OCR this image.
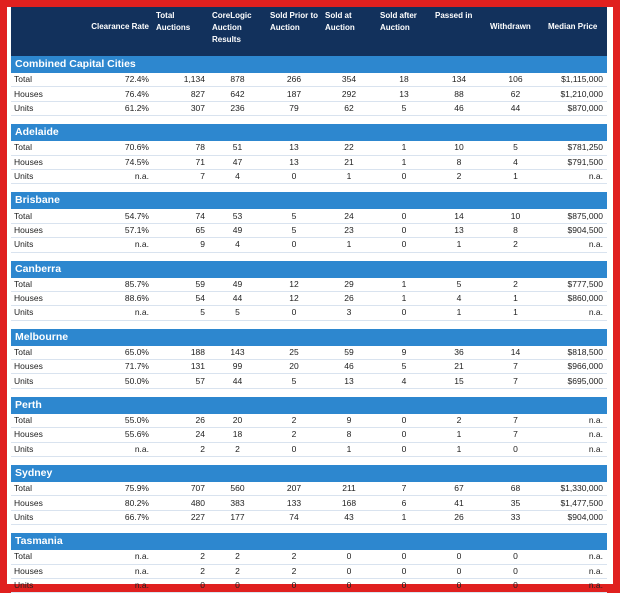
	Clearance Rate	Total Auctions	CoreLogic Auction Results	Sold Prior to Auction	Sold at Auction	Sold after Auction	Passed in	Withdrawn	Median Price
Combined Capital Cities									
Total	72.4%	1,134	878	266	354	18	134	106	$1,115,000
Houses	76.4%	827	642	187	292	13	88	62	$1,210,000
Units	61.2%	307	236	79	62	5	46	44	$870,000

Adelaide									
Total	70.6%	78	51	13	22	1	10	5	$781,250
Houses	74.5%	71	47	13	21	1	8	4	$791,500
Units	n.a.	7	4	0	1	0	2	1	n.a.

Brisbane									
Total	54.7%	74	53	5	24	0	14	10	$875,000
Houses	57.1%	65	49	5	23	0	13	8	$904,500
Units	n.a.	9	4	0	1	0	1	2	n.a.

Canberra									
Total	85.7%	59	49	12	29	1	5	2	$777,500
Houses	88.6%	54	44	12	26	1	4	1	$860,000
Units	n.a.	5	5	0	3	0	1	1	n.a.

Melbourne									
Total	65.0%	188	143	25	59	9	36	14	$818,500
Houses	71.7%	131	99	20	46	5	21	7	$966,000
Units	50.0%	57	44	5	13	4	15	7	$695,000

Perth									
Total	55.0%	26	20	2	9	0	2	7	n.a.
Houses	55.6%	24	18	2	8	0	1	7	n.a.
Units	n.a.	2	2	0	1	0	1	0	n.a.

Sydney									
Total	75.9%	707	560	207	211	7	67	68	$1,330,000
Houses	80.2%	480	383	133	168	6	41	35	$1,477,500
Units	66.7%	227	177	74	43	1	26	33	$904,000

Tasmania									
Total	n.a.	2	2	2	0	0	0	0	n.a.
Houses	n.a.	2	2	2	0	0	0	0	n.a.
Units	n.a.	0	0	0	0	0	0	0	n.a.
